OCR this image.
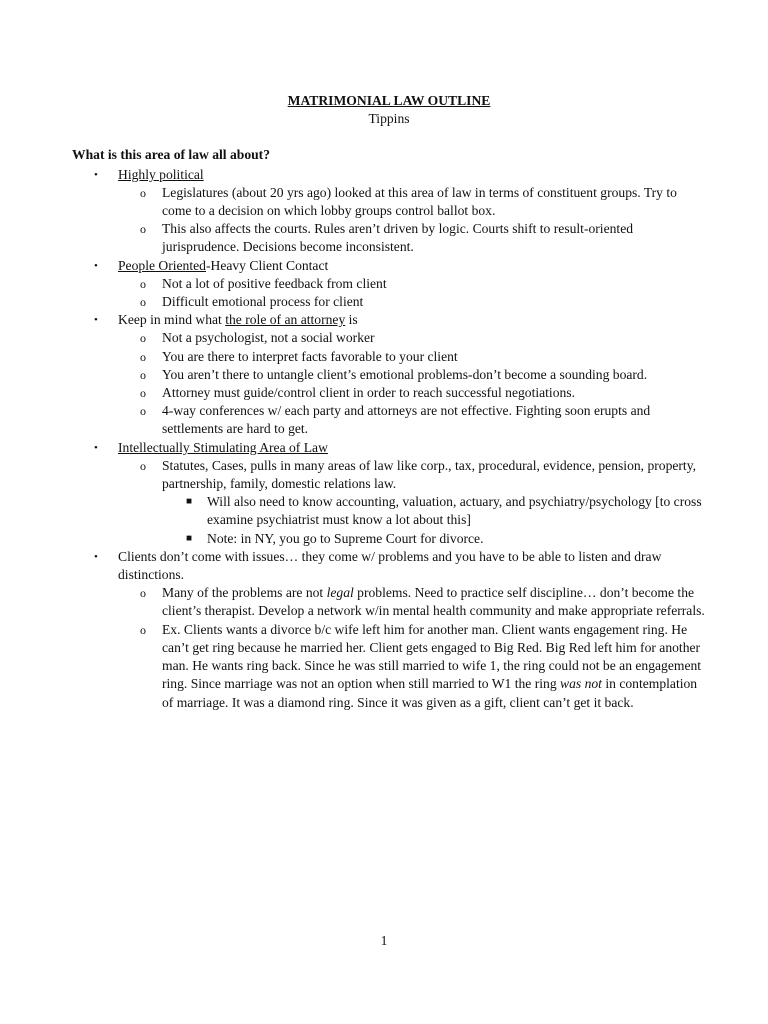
MATRIMONIAL LAW OUTLINE

Tippins

What is this area of law all about?

• Highly political
o Legislatures (about 20 yrs ago) looked at this area of law in terms of constituent groups. Try to come to a decision on which lobby groups control ballot box.
o This also affects the courts. Rules aren’t driven by logic. Courts shift to result-oriented jurisprudence. Decisions become inconsistent.
• People Oriented-Heavy Client Contact
o Not a lot of positive feedback from client
o Difficult emotional process for client
• Keep in mind what the role of an attorney is
o Not a psychologist, not a social worker
o You are there to interpret facts favorable to your client
o You aren’t there to untangle client’s emotional problems-don’t become a sounding board.
o Attorney must guide/control client in order to reach successful negotiations.
o 4-way conferences w/ each party and attorneys are not effective. Fighting soon erupts and settlements are hard to get.
• Intellectually Stimulating Area of Law
o Statutes, Cases, pulls in many areas of law like corp., tax, procedural, evidence, pension, property, partnership, family, domestic relations law.
■ Will also need to know accounting, valuation, actuary, and psychiatry/psychology [to cross examine psychiatrist must know a lot about this]
■ Note: in NY, you go to Supreme Court for divorce.
• Clients don’t come with issues… they come w/ problems and you have to be able to listen and draw distinctions.
o Many of the problems are not legal problems. Need to practice self discipline… don’t become the client’s therapist. Develop a network w/in mental health community and make appropriate referrals.
o Ex. Clients wants a divorce b/c wife left him for another man. Client wants engagement ring. He can’t get ring because he married her. Client gets engaged to Big Red. Big Red left him for another man. He wants ring back. Since he was still married to wife 1, the ring could not be an engagement ring. Since marriage was not an option when still married to W1 the ring was not in contemplation of marriage. It was a diamond ring. Since it was given as a gift, client can’t get it back.
1
